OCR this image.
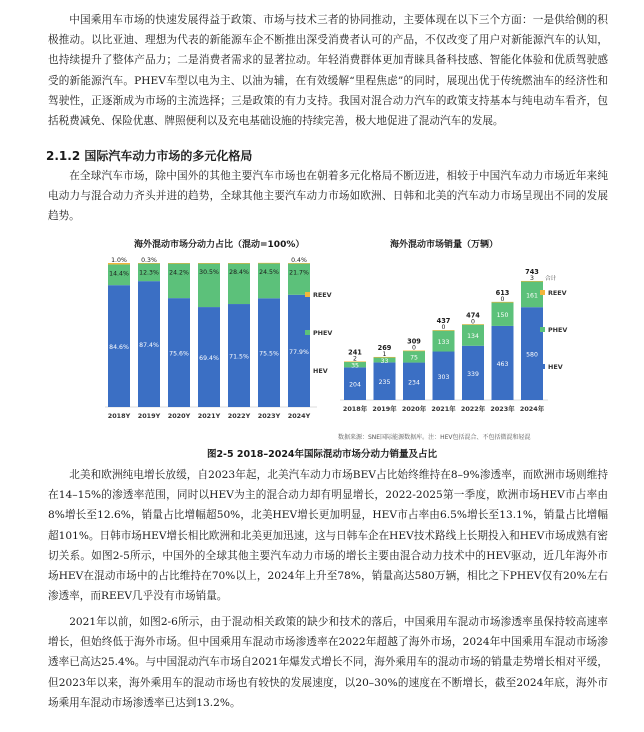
中国乘用车市场的快速发展得益于政策、市场与技术三者的协同推动，主要体现在以下三个方面：一是供给侧的积极推动。以比亚迪、理想为代表的新能源车企不断推出深受消费者认可的产品，不仅改变了用户对新能源汽车的认知，也持续提升了整体产品力；二是消费者需求的显著拉动。年轻消费群体更加青睐具备科技感、智能化体验和优质驾驶感受的新能源汽车。PHEV车型以电为主、以油为辅，在有效缓解“里程焦虑”的同时，展现出优于传统燃油车的经济性和驾驶性，正逐渐成为市场的主流选择；三是政策的有力支持。我国对混合动力汽车的政策支持基本与纯电动车看齐，包括税费减免、保险优惠、牌照便利以及充电基础设施的持续完善，极大地促进了混动汽车的发展。

2.1.2 国际汽车动力市场的多元化格局

在全球汽车市场，除中国外的其他主要汽车市场也在朝着多元化格局不断迈进，相较于中国汽车动力市场近年来纯电动力与混合动力齐头并进的趋势，全球其他主要汽车动力市场如欧洲、日韩和北美的汽车动力市场呈现出不同的发展趋势。

海外混动市场分动力占比（混动=100%）	海外混动市场销量（万辆）
84.6%
14.4%
1.0%
2018Y
87.4%
12.3%
0.3%
2019Y
75.6%
24.2%
2020Y
69.4%
30.5%
2021Y
71.5%
28.4%
2022Y
75.5%
24.5%
2023Y
77.9%
21.7%
0.4%
2024Y
REEV
PHEV
HEV
204
35
2
241
2018年
235
33
1
269
2019年
234
75
0
309
2020年
303
133
0
437
2021年
339
134
0
474
2022年
463
150
0
613
2023年
580
161
3
743
2024年
合计
REEV
PHEV
HEV
数据来源：SNE国际能源数据库。注：HEV包括混合、不包括微混和轻混
图2-5 2018–2024年国际混动市场分动力销量及占比

北美和欧洲纯电增长放缓，自2023年起，北美汽车动力市场BEV占比始终维持在8–9%渗透率，而欧洲市场则维持在14–15%的渗透率范围，同时以HEV为主的混合动力却有明显增长，2022-2025第一季度，欧洲市场HEV市占率由8%增长至12.6%，销量占比增幅超50%，北美HEV增长更加明显，HEV市占率由6.5%增长至13.1%，销量占比增幅超101%。日韩市场HEV增长相比欧洲和北美更加迅速，这与日韩车企在HEV技术路线上长期投入和HEV市场成熟有密切关系。如图2-5所示，中国外的全球其他主要汽车动力市场的增长主要由混合动力技术中的HEV驱动，近几年海外市场HEV在混动市场中的占比维持在70%以上，2024年上升至78%，销量高达580万辆，相比之下PHEV仅有20%左右渗透率，而REEV几乎没有市场销量。

2021年以前，如图2-6所示，由于混动相关政策的缺少和技术的落后，中国乘用车混动市场渗透率虽保持较高速率增长，但始终低于海外市场。但中国乘用车混动市场渗透率在2022年超越了海外市场，2024年中国乘用车混动市场渗透率已高达25.4%。与中国混动汽车市场自2021年爆发式增长不同，海外乘用车的混动市场的销量走势增长相对平缓，但2023年以来，海外乘用车的混动市场也有较快的发展速度，以20–30%的速度在不断增长，截至2024年底，海外市场乘用车混动市场渗透率已达到13.2%。
